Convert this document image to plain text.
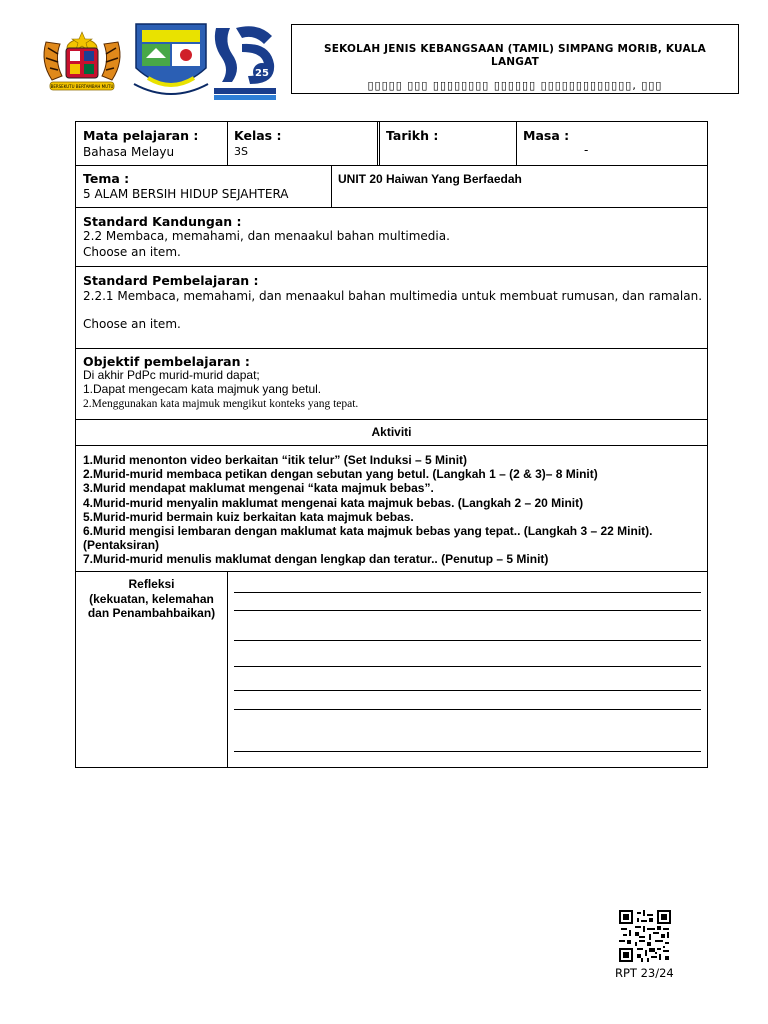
BERSEKUTU BERTAMBAH MUTU
25
SEKOLAH JENIS KEBANGSAAN (TAMIL) SIMPANG MORIB, KUALA LANGAT
▯▯▯▯▯ ▯▯▯ ▯▯▯▯▯▯▯▯ ▯▯▯▯▯▯ ▯▯▯▯▯▯▯▯▯▯▯▯▯, ▯▯▯
Mata pelajaran :
Bahasa Melayu
Kelas :
3S
Tarikh :	Masa :
-
Tema :
5 ALAM BERSIH HIDUP SEJAHTERA
UNIT 20 Haiwan Yang Berfaedah
Standard Kandungan :
2.2 Membaca, memahami, dan menaakul bahan multimedia.
Choose an item.
Standard Pembelajaran :
2.2.1 Membaca, memahami, dan menaakul bahan multimedia untuk membuat rumusan, dan ramalan.
Choose an item.
Objektif pembelajaran :
Di akhir PdPc murid-murid dapat;
1.Dapat mengecam kata majmuk yang betul.
2.Menggunakan kata majmuk mengikut konteks yang tepat.
Aktiviti
1.Murid menonton video berkaitan “itik telur” (Set Induksi – 5 Minit)
2.Murid-murid membaca petikan dengan sebutan yang betul. (Langkah 1 – (2 & 3)– 8 Minit)
3.Murid mendapat maklumat mengenai “kata majmuk bebas”.
4.Murid-murid menyalin maklumat mengenai kata majmuk bebas. (Langkah 2 – 20 Minit)
5.Murid-murid bermain kuiz berkaitan kata majmuk bebas.
6.Murid mengisi lembaran dengan maklumat kata majmuk bebas yang tepat.. (Langkah 3 – 22 Minit).
(Pentaksiran)
7.Murid-murid menulis maklumat dengan lengkap dan teratur.. (Penutup – 5 Minit)
Refleksi
(kekuatan, kelemahan
dan Penambahbaikan)
RPT 23/24
